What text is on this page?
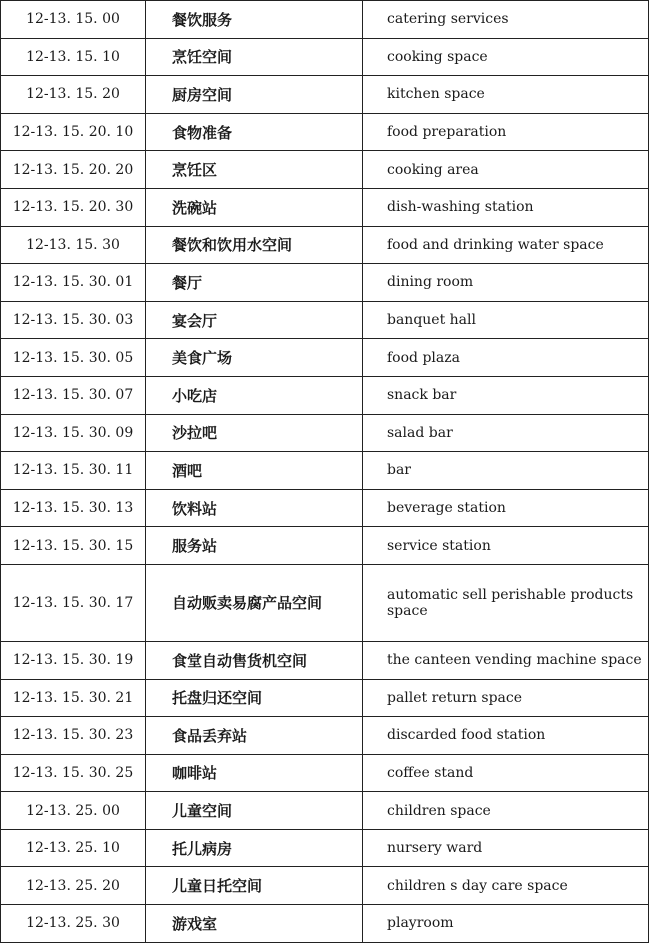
12-13. 15. 00	餐饮服务	catering services
12-13. 15. 10	烹饪空间	cooking space
12-13. 15. 20	厨房空间	kitchen space
12-13. 15. 20. 10	食物准备	food preparation
12-13. 15. 20. 20	烹饪区	cooking area
12-13. 15. 20. 30	洗碗站	dish-washing station
12-13. 15. 30	餐饮和饮用水空间	food and drinking water space
12-13. 15. 30. 01	餐厅	dining room
12-13. 15. 30. 03	宴会厅	banquet hall
12-13. 15. 30. 05	美食广场	food plaza
12-13. 15. 30. 07	小吃店	snack bar
12-13. 15. 30. 09	沙拉吧	salad bar
12-13. 15. 30. 11	酒吧	bar
12-13. 15. 30. 13	饮料站	beverage station
12-13. 15. 30. 15	服务站	service station
12-13. 15. 30. 17	自动贩卖易腐产品空间	automatic sell perishable products space
12-13. 15. 30. 19	食堂自动售货机空间	the canteen vending machine space
12-13. 15. 30. 21	托盘归还空间	pallet return space
12-13. 15. 30. 23	食品丢弃站	discarded food station
12-13. 15. 30. 25	咖啡站	coffee stand
12-13. 25. 00	儿童空间	children space
12-13. 25. 10	托儿病房	nursery ward
12-13. 25. 20	儿童日托空间	children s day care space
12-13. 25. 30	游戏室	playroom
